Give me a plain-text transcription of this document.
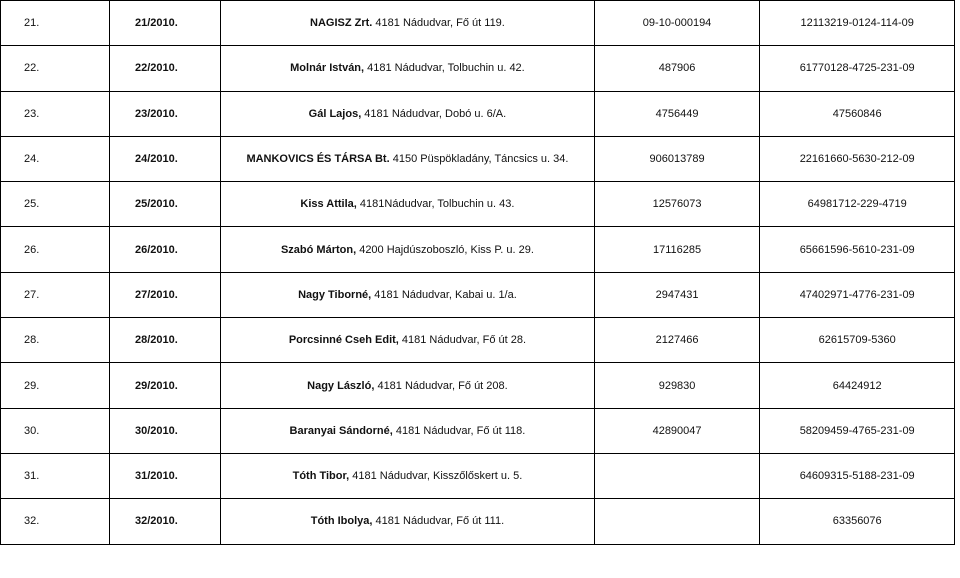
21.	21/2010.	NAGISZ Zrt. 4181 Nádudvar, Fő út 119.	09-10-000194	12113219-0124-114-09
22.	22/2010.	Molnár István, 4181 Nádudvar, Tolbuchin u. 42.	487906	61770128-4725-231-09
23.	23/2010.	Gál Lajos, 4181 Nádudvar, Dobó u. 6/A.	4756449	47560846
24.	24/2010.	MANKOVICS ÉS TÁRSA Bt. 4150 Püspökladány, Táncsics u. 34.	906013789	22161660-5630-212-09
25.	25/2010.	Kiss Attila, 4181Nádudvar, Tolbuchin u. 43.	12576073	64981712-229-4719
26.	26/2010.	Szabó Márton, 4200 Hajdúszoboszló, Kiss P. u. 29.	17116285	65661596-5610-231-09
27.	27/2010.	Nagy Tiborné, 4181 Nádudvar, Kabai u. 1/a.	2947431	47402971-4776-231-09
28.	28/2010.	Porcsinné Cseh Edit, 4181 Nádudvar, Fő út 28.	2127466	62615709-5360
29.	29/2010.	Nagy László, 4181 Nádudvar, Fő út 208.	929830	64424912
30.	30/2010.	Baranyai Sándorné, 4181 Nádudvar, Fő út 118.	42890047	58209459-4765-231-09
31.	31/2010.	Tóth Tibor, 4181 Nádudvar, Kisszőlőskert u. 5.		64609315-5188-231-09
32.	32/2010.	Tóth Ibolya, 4181 Nádudvar, Fő út 111.		63356076
